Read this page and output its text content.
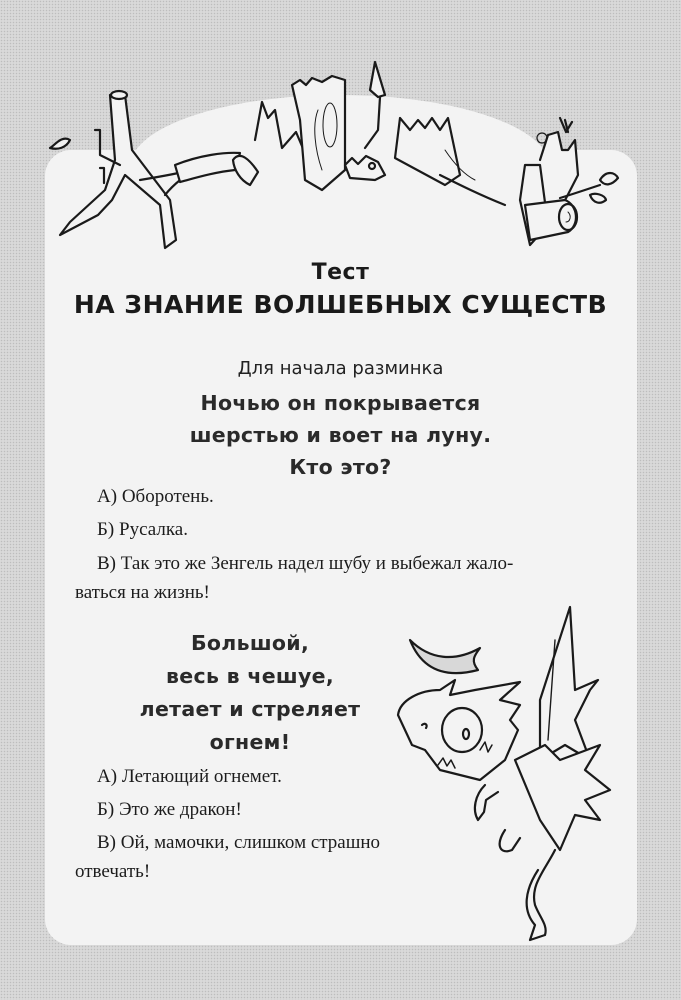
Тест
НА ЗНАНИЕ ВОЛШЕБНЫХ СУЩЕСТВ
Для начала разминка
Ночью он покрывается
шерстью и воет на луну.
Кто это?
А) Оборотень.
Б) Русалка.
В) Так это же Зенгель надел шубу и выбежал жало-
ваться на жизнь!
Большой,
весь в чешуе,
летает и стреляет
огнем!
А) Летающий огнемет.
Б) Это же дракон!
В) Ой, мамочки, слишком страшно
отвечать!
